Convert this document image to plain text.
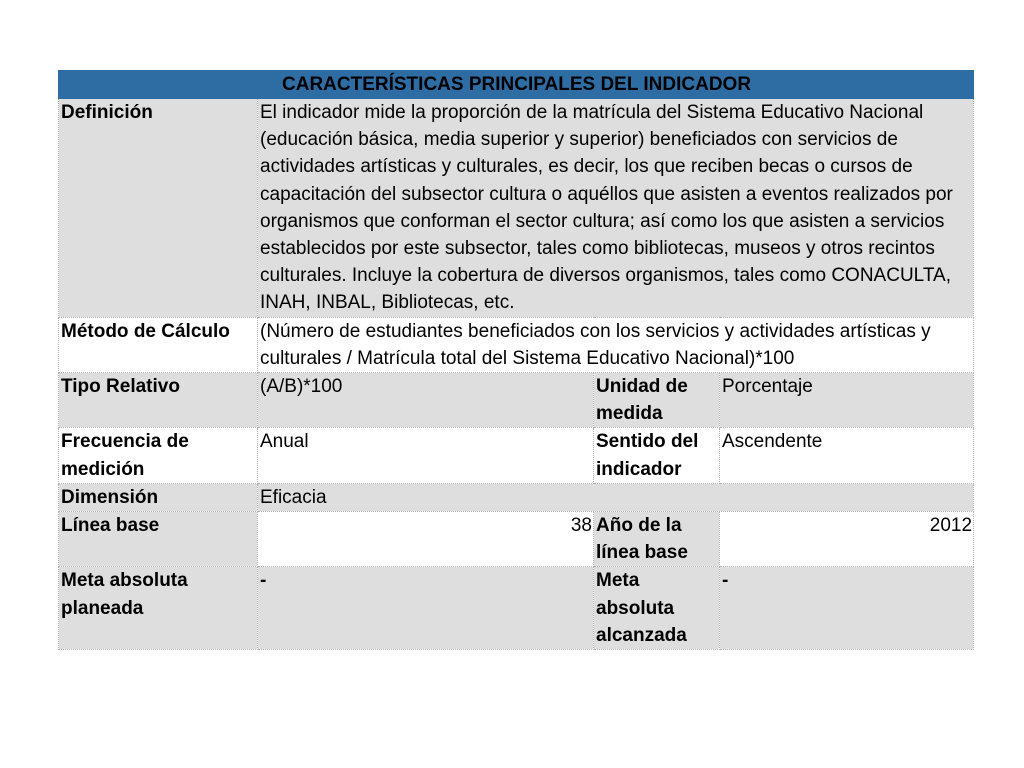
CARACTERÍSTICAS PRINCIPALES DEL INDICADOR			
Definición	El indicador mide la proporción de la matrícula del Sistema Educativo Nacional (educación básica, media superior y superior) beneficiados con servicios de actividades artísticas y culturales, es decir, los que reciben becas o cursos de capacitación del subsector cultura o aquéllos que asisten a eventos realizados por organismos que conforman el sector cultura; así como los que asisten a servicios establecidos por este subsector, tales como bibliotecas, museos y otros recintos culturales. Incluye la cobertura de diversos organismos, tales como CONACULTA, INAH, INBAL, Bibliotecas, etc.		
Método de Cálculo	(Número de estudiantes beneficiados con los servicios y actividades artísticas y culturales / Matrícula total del Sistema Educativo Nacional)*100		
Tipo Relativo	(A/B)*100	Unidad de medida	Porcentaje
Frecuencia de medición	Anual	Sentido del indicador	Ascendente
Dimensión	Eficacia		
Línea base	38	Año de la línea base	2012
Meta absoluta planeada	-	Meta absoluta alcanzada	-
